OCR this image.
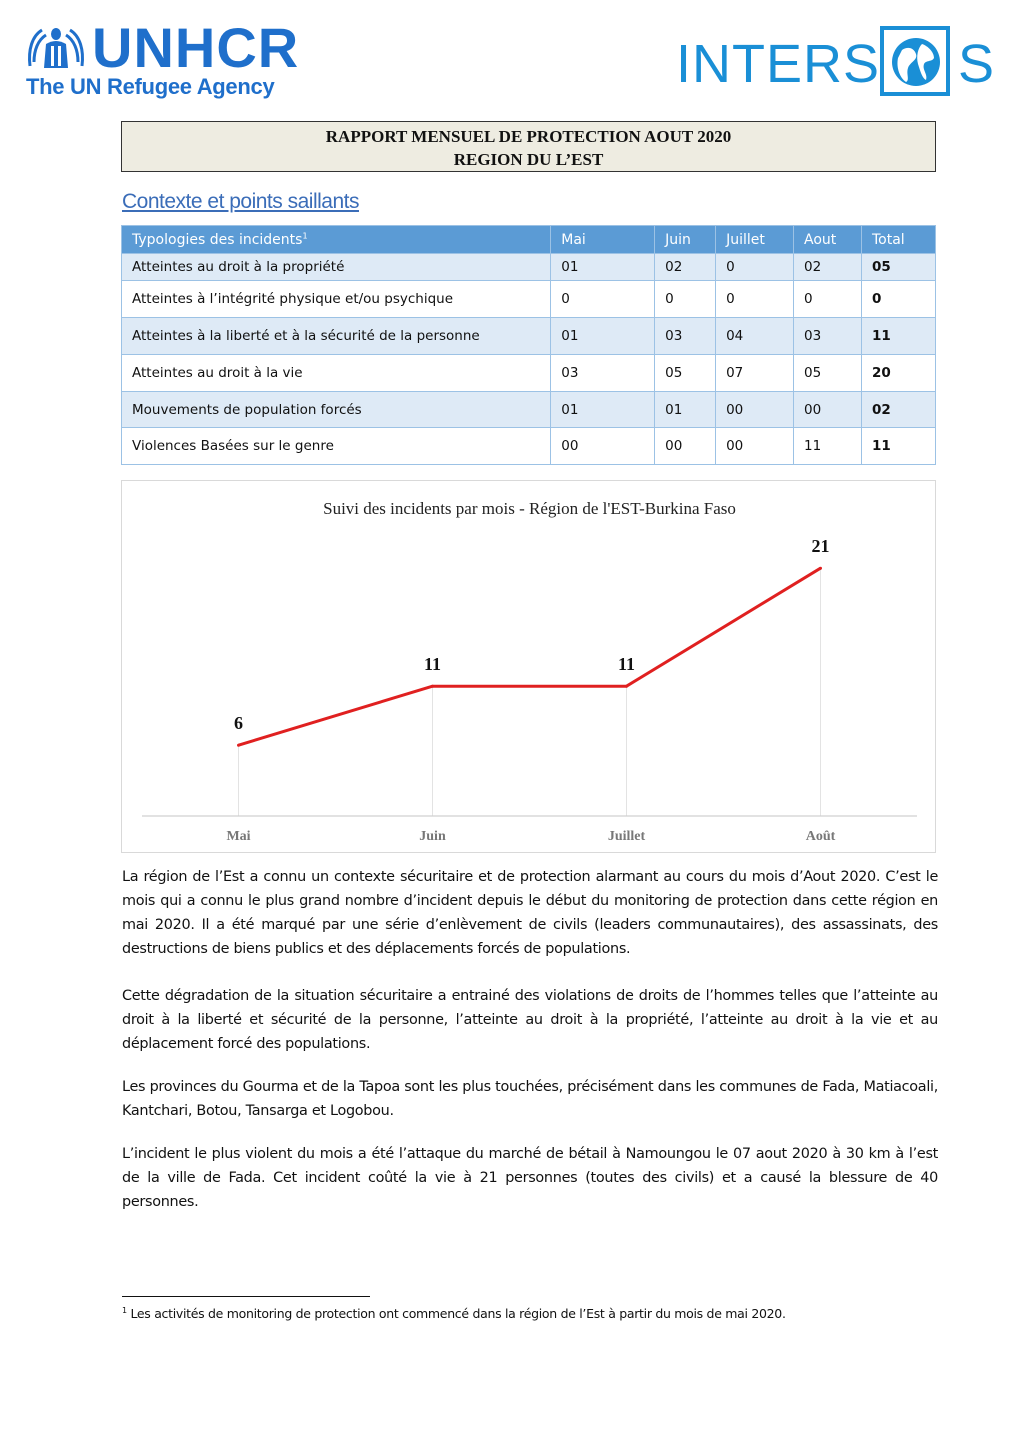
UNHCR
The UN Refugee Agency	INTERS S
RAPPORT MENSUEL DE PROTECTION AOUT 2020
REGION DU L’EST
Contexte et points saillants
Typologies des incidents$^1$	Mai	Juin	Juillet	Aout	Total
Atteintes au droit à la propriété	01	02	0	02	05
Atteintes à l’intégrité physique et/ou psychique	0	0	0	0	0
Atteintes à la liberté et à la sécurité de la personne	01	03	04	03	11
Atteintes au droit à la vie	03	05	07	05	20
Mouvements de population forcés	01	01	00	00	02
Violences Basées sur le genre	00	00	00	11	11
Suivi des incidents par mois - Région de l'EST-Burkina Faso
6
11	11
21
Mai	Juin	Juillet	Août

La région de l’Est a connu un contexte sécuritaire et de protection alarmant au cours du mois d’Aout 2020. C’est le mois qui a connu le plus grand nombre d’incident depuis le début du monitoring de protection dans cette région en mai 2020. Il a été marqué par une série d’enlèvement de civils (leaders communautaires), des assassinats, des destructions de biens publics et des déplacements forcés de populations.

Cette dégradation de la situation sécuritaire a entrainé des violations de droits de l’hommes telles que l’atteinte au droit à la liberté et sécurité de la personne, l’atteinte au droit à la propriété, l’atteinte au droit à la vie et au déplacement forcé des populations.

Les provinces du Gourma et de la Tapoa sont les plus touchées, précisément dans les communes de Fada, Matiacoali, Kantchari, Botou, Tansarga et Logobou.

L’incident le plus violent du mois a été l’attaque du marché de bétail à Namoungou le 07 aout 2020 à 30 km à l’est de la ville de Fada. Cet incident coûté la vie à 21 personnes (toutes des civils) et a causé la blessure de 40 personnes.

$^1$ Les activités de monitoring de protection ont commencé dans la région de l’Est à partir du mois de mai 2020.
